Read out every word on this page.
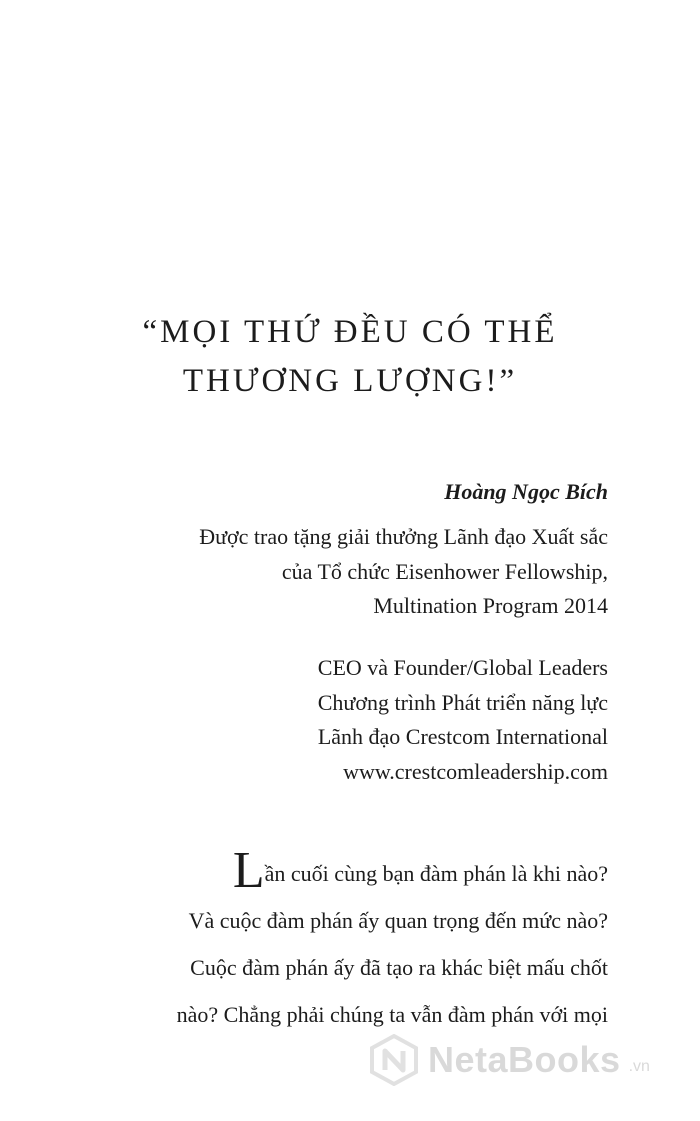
“MỌI THỨ ĐỀU CÓ THỂ
THƯƠNG LƯỢNG!”
Hoàng Ngọc Bích
Được trao tặng giải thưởng Lãnh đạo Xuất sắc
của Tổ chức Eisenhower Fellowship,
Multination Program 2014
CEO và Founder/Global Leaders
Chương trình Phát triển năng lực
Lãnh đạo Crestcom International
www.crestcomleadership.com
Lần cuối cùng bạn đàm phán là khi nào?
Và cuộc đàm phán ấy quan trọng đến mức nào?
Cuộc đàm phán ấy đã tạo ra khác biệt mấu chốt
nào? Chẳng phải chúng ta vẫn đàm phán với mọi
NetaBooks .vn
